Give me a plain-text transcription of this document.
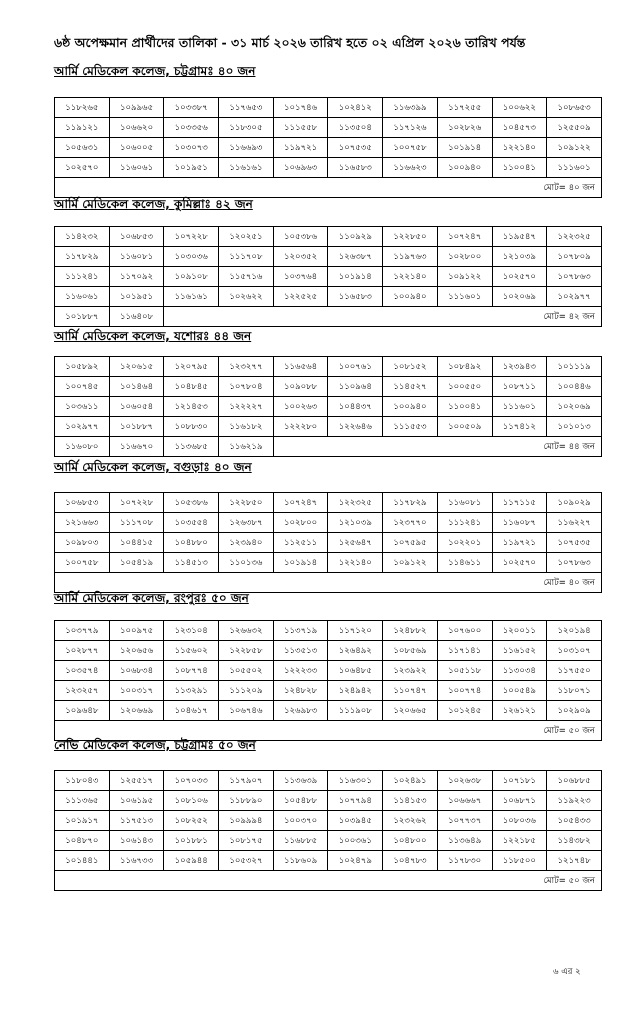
৬ষ্ঠ অপেক্ষমান প্রার্থীদের তালিকা - ৩১ মার্চ ২০২৬ তারিখ হতে ০২ এপ্রিল ২০২৬ তারিখ পর্যন্ত
আর্মি মেডিকেল কলেজ, চট্টগ্রামঃ ৪০ জন
১১৮২৬৫	১০৯৯৬৫	১০৩৩৮৭	১১৭৬৫৩	১০১৭৪৬	১০২৪১২	১১৬৩৯৯	১১৭২৫৫	১০০৬২২	১০৮৬৫৩
১১৯১২১	১০৬৬২০	১০৩৩৫৬	১১৮৩০৫	১১১৫৫৮	১১৩৫০৪	১১৭১২৬	১০২৮২৬	১০৪৫৭৩	১২৫৫০৯
১০৫৬৩১	১০৬০০৫	১০৩০৭৩	১১৬৬৯৩	১১৯৭২১	১০৭৫৩৫	১০০৭৫৮	১০১৯১৪	১২২১৪০	১০৯১২২
১০২৫৭০	১১৬০৬১	১০১৯৫১	১১৬১৬১	১০৬৯৬৩	১১৬৫৮৩	১১৬৬২৩	১০০৯৪০	১১০০৪১	১১১৬০১
মোট= ৪০ জন									
আর্মি মেডিকেল কলেজ, কুমিল্লাঃ ৪২ জন
১১৪২৩২	১০৬৮৫৩	১০৭২২৮	১২০২৫১	১০৫৩৮৬	১১০৯২৯	১২২৮৫০	১০৭২৪৭	১১৯৫৪৭	১২২৩২৫
১১৭৮২৯	১১৬০৮১	১০৩০৩৬	১১১৭০৮	১২০৩৫২	১২৬৩৮৭	১১৯৭৬৩	১০২৮০০	১২১০৩৯	১০৭৮০৯
১১১২৪১	১১৭০৯২	১০৯১০৮	১১৫৭১৬	১০৩৭৬৪	১০১৯১৪	১২২১৪০	১০৯১২২	১০২৫৭০	১০৭৮৬৩
১১৬০৬১	১০১৯৫১	১১৬১৬১	১০২৬২২	১২২৫২৫	১১৬৫৮৩	১০০৯৪০	১১১৬০১	১০২০৬৯	১০২৯৭৭
১০১৮৮৭	১১৬৪০৮	মোট= ৪২ জন							
আর্মি মেডিকেল কলেজ, যশোরঃ ৪৪ জন
১০৫৮৯২	১২০৬১৫	১২০৭৯৫	১২৩২৭৭	১১৬৫৬৪	১০০৭৬১	১০৮১৫২	১০৮৪৯২	১২৩৯৪৩	১০১১১৯
১০০৭৪৫	১০১৪৬৪	১০৪৮৪৫	১০৭৮০৪	১০৯০৮৮	১১০৯৬৪	১১৪৫২৭	১০০৫৫০	১০৮৭১১	১০০৪৪৬
১০৩৬১১	১০৬০৫৪	১২১৪৫৩	১২২২২৭	১০০২৬৩	১০৪৪৩৭	১০০৯৪০	১১০০৪১	১১১৬০১	১০২০৬৯
১০২৯৭৭	১০১৮৮৭	১০৮৮৩০	১১৬১৮২	১২২২৮০	১২২৬৪৬	১১১৫৫৩	১০০৫০৯	১১৭৪১২	১০১০১৩
১১৬০৮০	১১৬৬৭০	১১৩৬৮৫	১১৬২১৯	মোট= ৪৪ জন					
আর্মি মেডিকেল কলেজ, বগুড়াঃ ৪০ জন
১০৬৮৫৩	১০৭২২৮	১০৫৩৮৬	১২২৮৫০	১০৭২৪৭	১২২৩২৫	১১৭৮২৯	১১৬০৮১	১১৭১১৫	১০৯০২৯
১২১৬৬৩	১১১৭০৮	১০৩৫৫৪	১২৬৩৮৭	১০২৮০০	১২১০৩৯	১২৩৭৭০	১১১২৪১	১১৬০৮৭	১১৬২২৭
১০৯৮০৩	১০৪৪১৫	১০৪৮৮০	১২৩৯৪০	১১২৫১১	১২৫৬৪৭	১০৭৫৯৫	১০২২০১	১১৯৭২১	১০৭৫৩৫
১০০৭৫৮	১০৫৪১৯	১১৪৫১৩	১১০১৩৬	১০১৯১৪	১২২১৪০	১০৯১২২	১১৪৬১১	১০২৫৭০	১০৭৮৬৩
মোট= ৪০ জন									
আর্মি মেডিকেল কলেজ, রংপুরঃ ৫০ জন
১০৩৭৭৯	১০০৯৭৫	১২৩১০৪	১২৬৬৩২	১১৩৭১৯	১১৭১২০	১২৪৮৮২	১০৭৬০০	১২০০১১	১২০১৯৪
১০২৮৭৭	১২০৬৫৬	১১৫৬০২	১২২৮৫৮	১১৩৫১৩	১২৬৪৯২	১০৮৫৬৯	১১৭১৪১	১১৬১৫২	১০৩১০৭
১০৩৫৭৪	১০৬৮৩৪	১০৮৭৭৪	১০৫৫০২	১২২২৩৩	১০৬৪৮৫	১২৩৯২২	১০৫১১৮	১১৩০৩৪	১১৭৫৫০
১২৩২৫৭	১০০৩১৭	১১৩২৯১	১১১২০৯	১২৪৮২৮	১২৪৯৪২	১১০৭৪৭	১০০৭৭৪	১০০৫৪৯	১১৮০৭১
১০৯৬৪৮	১২০৬৬৯	১০৪৬১৭	১০৬৭৪৬	১২৬৯৮৩	১১১৯০৮	১২০৬৬৫	১০১২৪৫	১২৬১২১	১০২৯০৯
মোট= ৫০ জন									
নেভি মেডিকেল কলেজ, চট্টগ্রামঃ ৫০ জন
১১৮০৪৩	১২৫৫১৭	১০৭০৩৩	১১৭৯০৭	১১৩৬৩৯	১১৬৩০১	১০২৪৯১	১০২৬৩৮	১০৭১৮১	১০৬৮৮৫
১১১৩৬৫	১০৬১৯৫	১০৮১০৬	১১৮৮৯০	১০৫৪৮৮	১০৭৭৯৪	১১৪১৫৩	১০৬৬৬৭	১০৬৮৭১	১১৯২২৩
১০১৯১৭	১১৭৫১৩	১০৮২৫২	১০৯৯৯৪	১০০৩৭০	১০৩৯৪৫	১২৩২৬২	১০৭৭৩৭	১০৮০৩৬	১০৫৪৩৩
১০৪৮৭০	১০৬১৪৩	১০১৮৮১	১০৮১৭৫	১১৬৮৮৫	১০০৩৬১	১০৪৮০০	১১৩৬৪৯	১২২১৮৫	১১৪৩৮২
১০১৪৪১	১১৬৭৩৩	১০৫৯৪৪	১০৫৩২৭	১১৮৬০৯	১০২৪৭৯	১০৪৭৮৩	১১৭৮৩০	১১৮৫০০	১২১৭৪৮
মোট= ৫০ জন									
৬ এর ২
